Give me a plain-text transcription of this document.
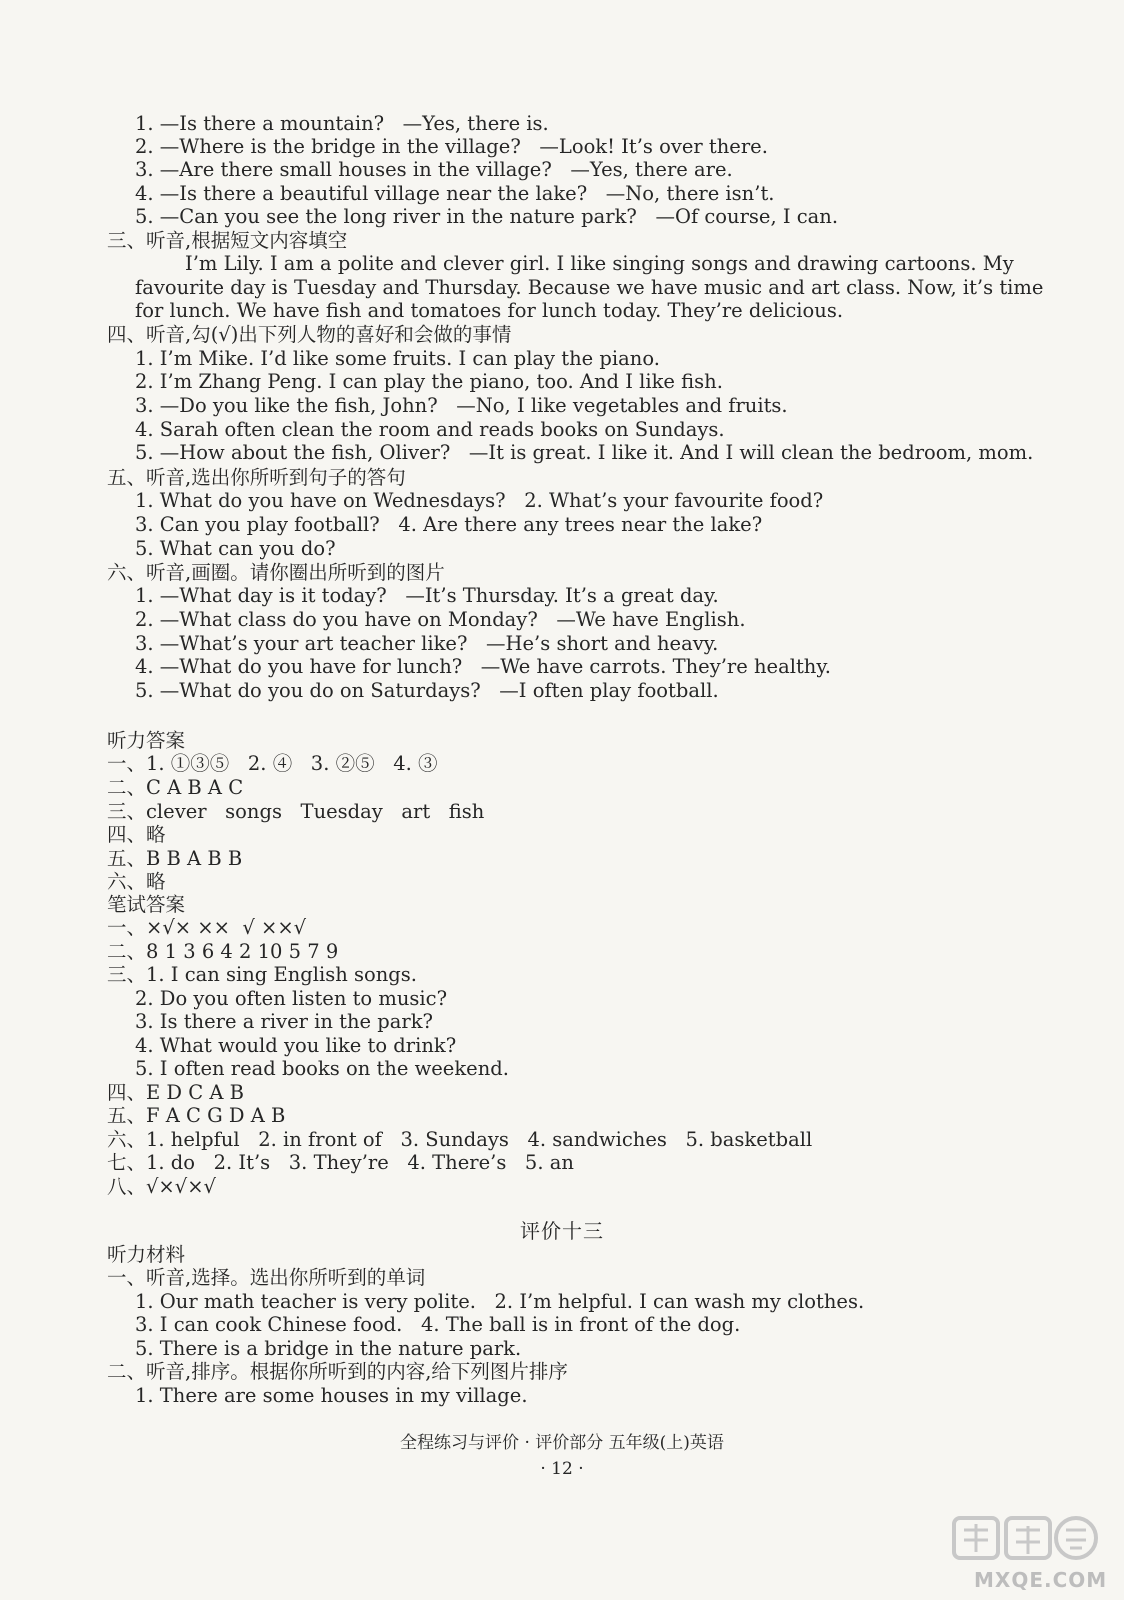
1. —Is there a mountain?   —Yes, there is.
2. —Where is the bridge in the village?   —Look! It’s over there.
3. —Are there small houses in the village?   —Yes, there are.
4. —Is there a beautiful village near the lake?   —No, there isn’t.
5. —Can you see the long river in the nature park?   —Of course, I can.
三、听音,根据短文内容填空
I’m Lily. I am a polite and clever girl. I like singing songs and drawing cartoons. My
favourite day is Tuesday and Thursday. Because we have music and art class. Now, it’s time
for lunch. We have fish and tomatoes for lunch today. They’re delicious.
四、听音,勾(√)出下列人物的喜好和会做的事情
1. I’m Mike. I’d like some fruits. I can play the piano.
2. I’m Zhang Peng. I can play the piano, too. And I like fish.
3. —Do you like the fish, John?   —No, I like vegetables and fruits.
4. Sarah often clean the room and reads books on Sundays.
5. —How about the fish, Oliver?   —It is great. I like it. And I will clean the bedroom, mom.
五、听音,选出你所听到句子的答句
1. What do you have on Wednesdays?   2. What’s your favourite food?
3. Can you play football?   4. Are there any trees near the lake?
5. What can you do?
六、听音,画圈。请你圈出所听到的图片
1. —What day is it today?   —It’s Thursday. It’s a great day.
2. —What class do you have on Monday?   —We have English.
3. —What’s your art teacher like?   —He’s short and heavy.
4. —What do you have for lunch?   —We have carrots. They’re healthy.
5. —What do you do on Saturdays?   —I often play football.
听力答案
一、1. ①③⑤   2. ④   3. ②⑤   4. ③
二、C A B A C
三、clever   songs   Tuesday   art   fish
四、略
五、B B A B B
六、略
笔试答案
一、×√× ××  √ ××√
二、8 1 3 6 4 2 10 5 7 9
三、1. I can sing English songs.
2. Do you often listen to music?
3. Is there a river in the park?
4. What would you like to drink?
5. I often read books on the weekend.
四、E D C A B
五、F A C G D A B
六、1. helpful   2. in front of   3. Sundays   4. sandwiches   5. basketball
七、1. do   2. It’s   3. They’re   4. There’s   5. an
八、√×√×√
评价十三
听力材料
一、听音,选择。选出你所听到的单词
1. Our math teacher is very polite.   2. I’m helpful. I can wash my clothes.
3. I can cook Chinese food.   4. The ball is in front of the dog.
5. There is a bridge in the nature park.
二、听音,排序。根据你所听到的内容,给下列图片排序
1. There are some houses in my village.
全程练习与评价 · 评价部分 五年级(上)英语
· 12 ·
MXQE.COM
